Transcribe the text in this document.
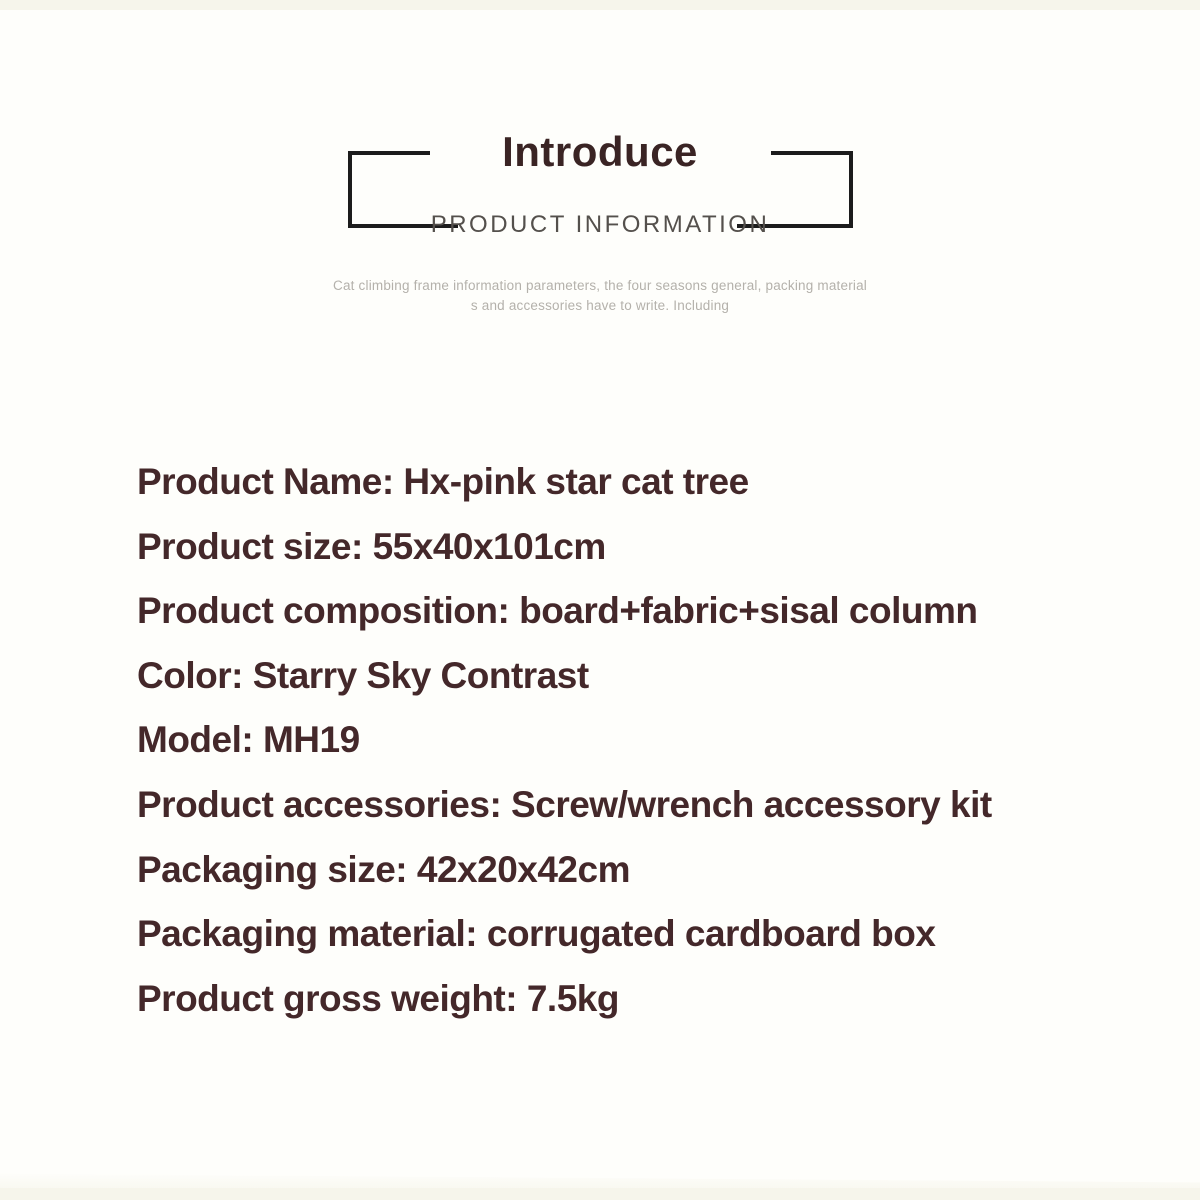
Introduce
PRODUCT INFORMATION
Cat climbing frame information parameters, the four seasons general, packing material
s and accessories have to write. Including
Product Name: Hx-pink star cat tree
Product size: 55x40x101cm
Product composition: board+fabric+sisal column
Color: Starry Sky Contrast
Model: MH19
Product accessories: Screw/wrench accessory kit
Packaging size: 42x20x42cm
Packaging material: corrugated cardboard box
Product gross weight: 7.5kg
